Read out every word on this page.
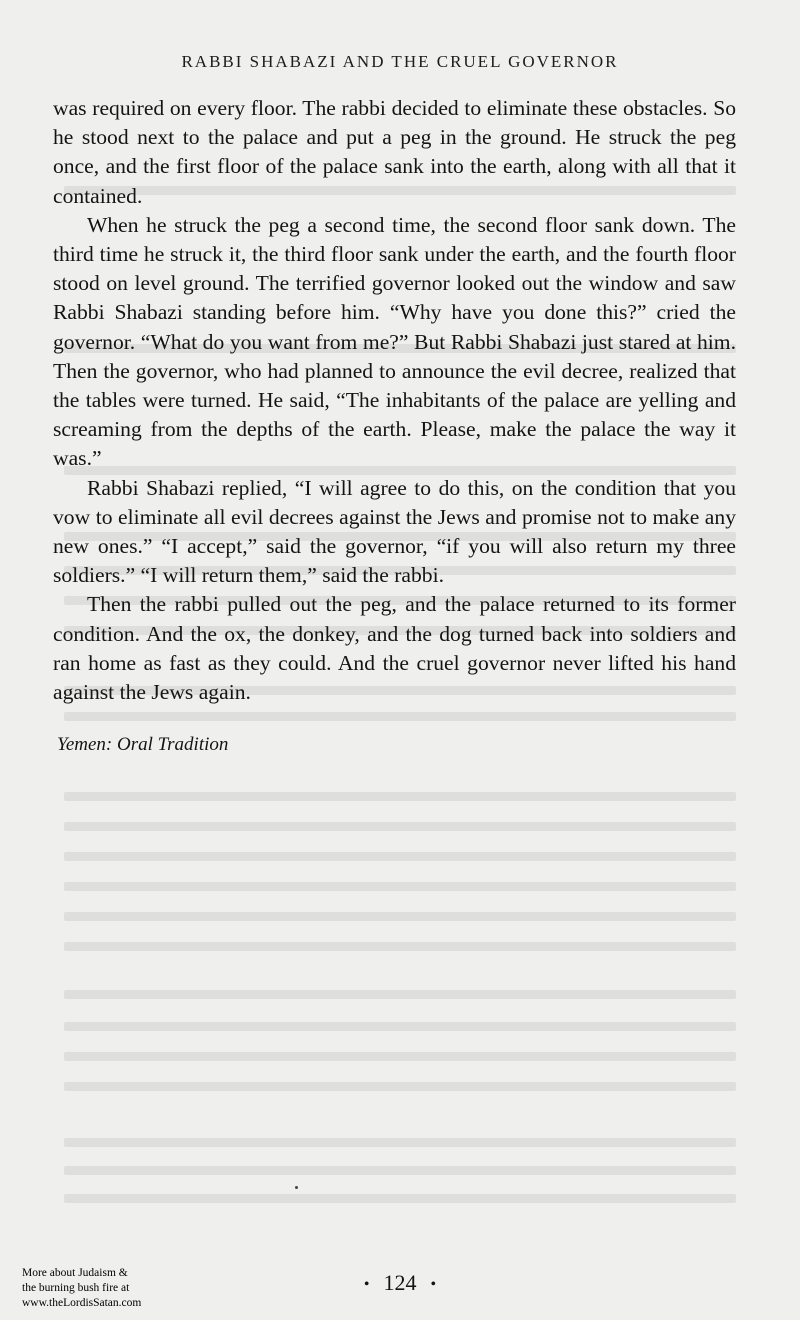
RABBI SHABAZI AND THE CRUEL GOVERNOR

was required on every floor. The rabbi decided to eliminate these obstacles. So he stood next to the palace and put a peg in the ground. He struck the peg once, and the first floor of the palace sank into the earth, along with all that it contained.

When he struck the peg a second time, the second floor sank down. The third time he struck it, the third floor sank under the earth, and the fourth floor stood on level ground. The terrified governor looked out the window and saw Rabbi Shabazi standing before him. “Why have you done this?” cried the governor. “What do you want from me?” But Rabbi Shabazi just stared at him. Then the governor, who had planned to announce the evil decree, realized that the tables were turned. He said, “The inhabitants of the palace are yelling and screaming from the depths of the earth. Please, make the palace the way it was.”

Rabbi Shabazi replied, “I will agree to do this, on the condition that you vow to eliminate all evil decrees against the Jews and promise not to make any new ones.” “I accept,” said the governor, “if you will also return my three soldiers.” “I will return them,” said the rabbi.

Then the rabbi pulled out the peg, and the palace returned to its former condition. And the ox, the donkey, and the dog turned back into soldiers and ran home as fast as they could. And the cruel governor never lifted his hand against the Jews again.

Yemen: Oral Tradition
• 124 •
More about Judaism &
the burning bush fire at
www.theLordisSatan.com
